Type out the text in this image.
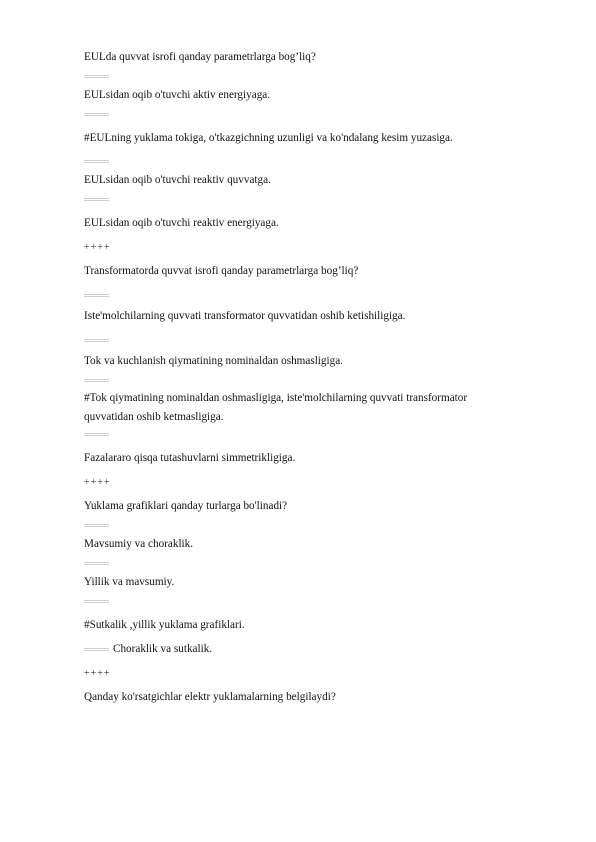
EULda quvvat isrofi qanday parametrlarga bog’liq?
EULsidan oqib o'tuvchi aktiv energiyaga.
#EULning yuklama tokiga, o'tkazgichning uzunligi va ko'ndalang kesim yuzasiga.
EULsidan oqib o'tuvchi reaktiv quvvatga.
EULsidan oqib o'tuvchi reaktiv energiyaga.
++++
Transformatorda quvvat isrofi qanday parametrlarga bog’liq?
Iste'molchilarning quvvati transformator quvvatidan oshib ketishiligiga.
Tok va kuchlanish qiymatining nominaldan oshmasligiga.
#Tok qiymatining nominaldan oshmasligiga, iste'molchilarning quvvati transformator quvvatidan oshib ketmasligiga.
Fazalararo qisqa tutashuvlarni simmetrikligiga.
++++
Yuklama grafiklari qanday turlarga bo'linadi?
Mavsumiy va choraklik.
Yillik va mavsumiy.
#Sutkalik ,yillik yuklama grafiklari.
Choraklik va sutkalik.
++++
Qanday ko'rsatgichlar elektr yuklamalarning belgilaydi?
